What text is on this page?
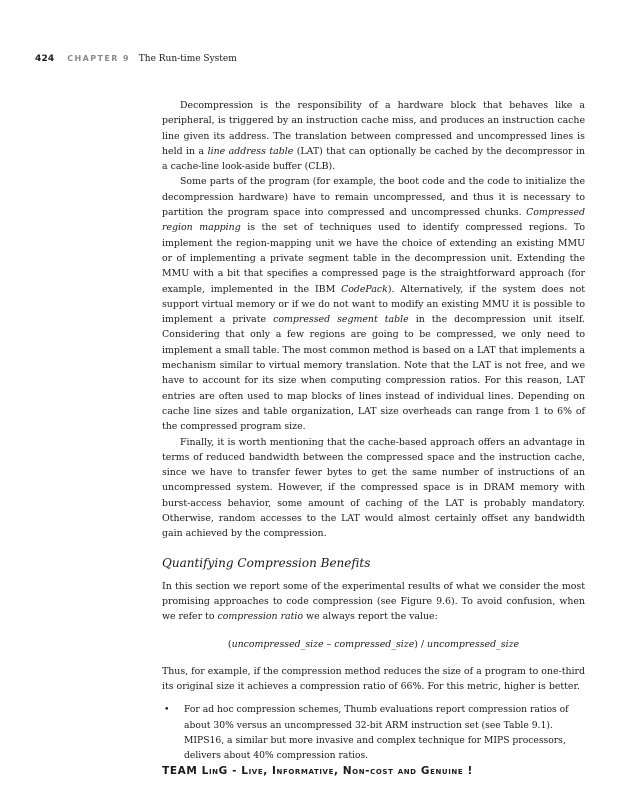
424 CHAPTER 9 The Run-time System

Decompression is the responsibility of a hardware block that behaves like a peripheral, is triggered by an instruction cache miss, and produces an instruction cache line given its address. The translation between compressed and uncompressed lines is held in a line address table (LAT) that can optionally be cached by the decompressor in a cache-line look-aside buffer (CLB).

Some parts of the program (for example, the boot code and the code to initialize the decompression hardware) have to remain uncompressed, and thus it is necessary to partition the program space into compressed and uncompressed chunks. Compressed region mapping is the set of techniques used to identify compressed regions. To implement the region-mapping unit we have the choice of extending an existing MMU or of implementing a private segment table in the decompression unit. Extending the MMU with a bit that specifies a compressed page is the straightforward approach (for example, implemented in the IBM CodePack). Alternatively, if the system does not support virtual memory or if we do not want to modify an existing MMU it is possible to implement a private compressed segment table in the decompression unit itself. Considering that only a few regions are going to be compressed, we only need to implement a small table. The most common method is based on a LAT that implements a mechanism similar to virtual memory translation. Note that the LAT is not free, and we have to account for its size when computing compression ratios. For this reason, LAT entries are often used to map blocks of lines instead of individual lines. Depending on cache line sizes and table organization, LAT size overheads can range from 1 to 6% of the compressed program size.

Finally, it is worth mentioning that the cache-based approach offers an advantage in terms of reduced bandwidth between the compressed space and the instruction cache, since we have to transfer fewer bytes to get the same number of instructions of an uncompressed system. However, if the compressed space is in DRAM memory with burst-access behavior, some amount of caching of the LAT is probably mandatory. Otherwise, random accesses to the LAT would almost certainly offset any bandwidth gain achieved by the compression.

Quantifying Compression Benefits

In this section we report some of the experimental results of what we consider the most promising approaches to code compression (see Figure 9.6). To avoid confusion, when we refer to compression ratio we always report the value:

(uncompressed_size – compressed_size) / uncompressed_size

Thus, for example, if the compression method reduces the size of a program to one-third its original size it achieves a compression ratio of 66%. For this metric, higher is better.

• For ad hoc compression schemes, Thumb evaluations report compression ratios of about 30% versus an uncompressed 32-bit ARM instruction set (see Table 9.1). MIPS16, a similar but more invasive and complex technique for MIPS processors, delivers about 40% compression ratios.
TEAM LinG - Live, Informative, Non-cost and Genuine !
